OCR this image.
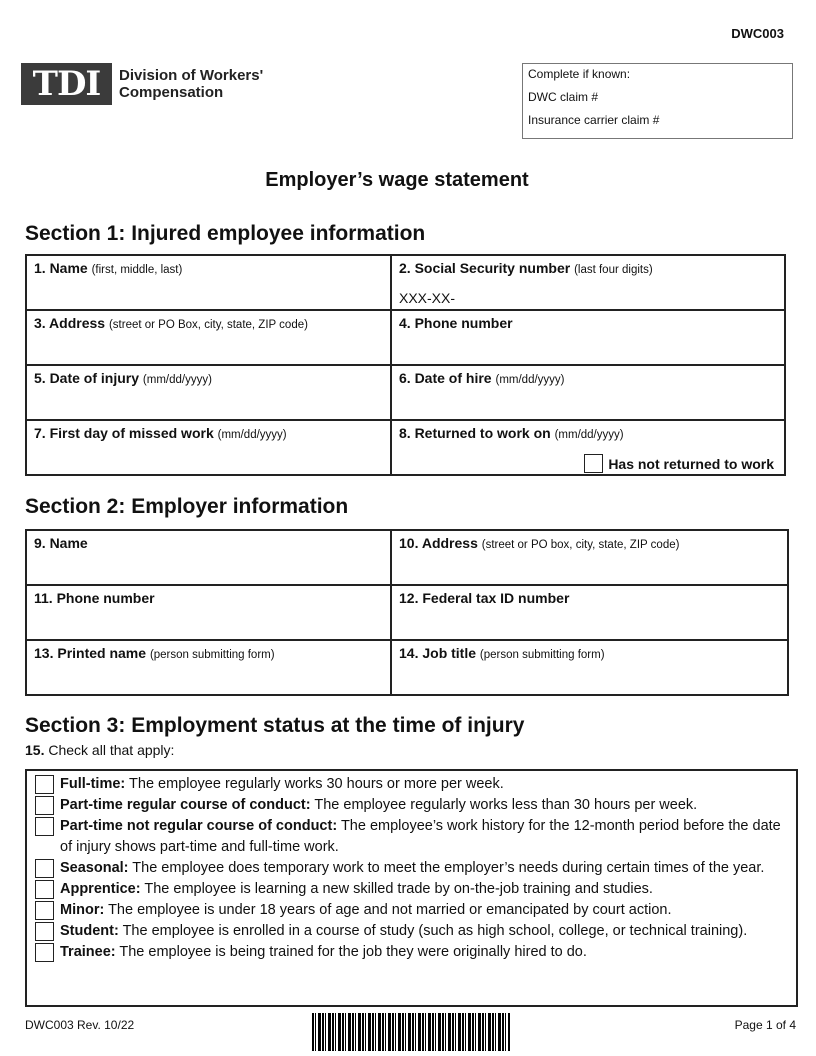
DWC003
TDI	Division of Workers'
Compensation
Complete if known:
DWC claim #
Insurance carrier claim #
Employer’s wage statement
Section 1: Injured employee information
1. Name (first, middle, last)	2. Social Security number (last four digits)
XXX-XX-

3. Address (street or PO Box, city, state, ZIP code)	4. Phone number
5. Date of injury (mm/dd/yyyy)	6. Date of hire (mm/dd/yyyy)
7. First day of missed work (mm/dd/yyyy)	8. Returned to work on (mm/dd/yyyy)
Has not returned to work
Section 2: Employer information
9. Name	10. Address (street or PO box, city, state, ZIP code)
11. Phone number	12. Federal tax ID number
13. Printed name (person submitting form)	14. Job title (person submitting form)
Section 3: Employment status at the time of injury
15. Check all that apply:
Full-time: The employee regularly works 30 hours or more per week.
Part-time regular course of conduct: The employee regularly works less than 30 hours per week.
Part-time not regular course of conduct: The employee’s work history for the 12-month period before the date of injury shows part-time and full-time work.
Seasonal: The employee does temporary work to meet the employer’s needs during certain times of the year.
Apprentice: The employee is learning a new skilled trade by on-the-job training and studies.
Minor: The employee is under 18 years of age and not married or emancipated by court action.
Student: The employee is enrolled in a course of study (such as high school, college, or technical training).
Trainee: The employee is being trained for the job they were originally hired to do.
DWC003 Rev. 10/22	Page 1 of 4
